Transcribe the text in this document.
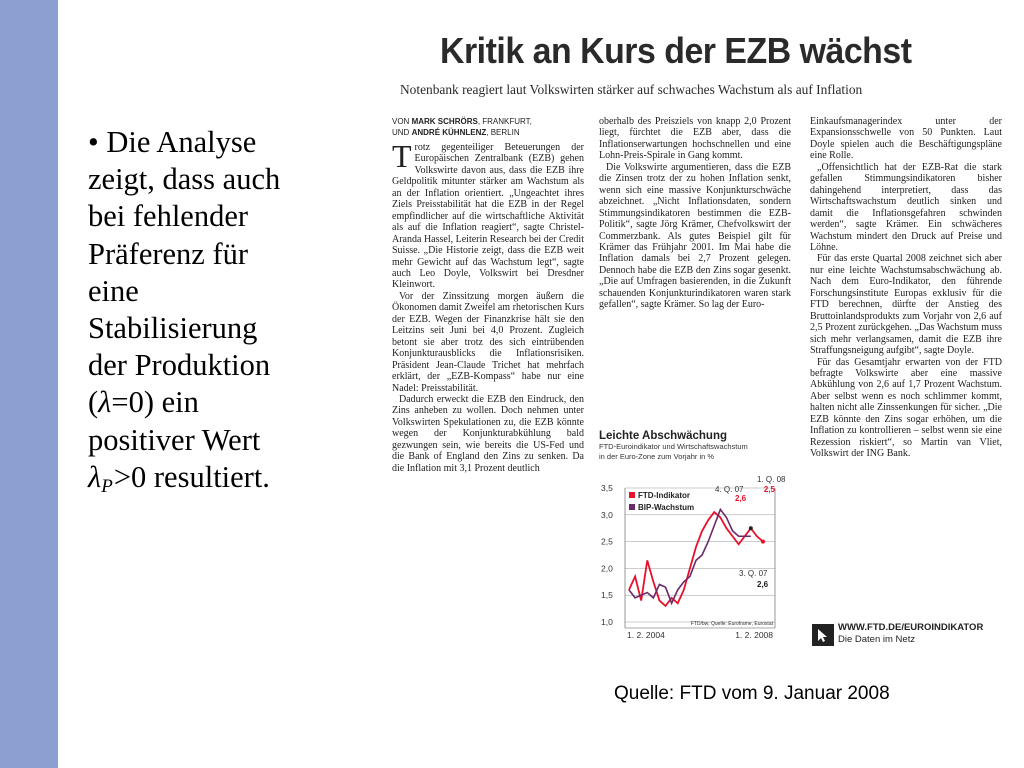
• Die Analyse
zeigt, dass auch
bei fehlender
Präferenz für
eine
Stabilisierung
der Produktion
(λ=0) ein
positiver Wert
$\lambda_P>0$ resultiert.
Kritik an Kurs der EZB wächst
Notenbank reagiert laut Volkswirten stärker auf schwaches Wachstum als auf Inflation
VON MARK SCHRÖRS, FRANKFURT,
UND ANDRÉ KÜHNLENZ, BERLIN

Trotz gegenteiliger Beteuerungen der Europäischen Zentralbank (EZB) gehen Volkswirte davon aus, dass die EZB ihre Geldpolitik mitunter stärker am Wachstum als an der Inflation orientiert. „Ungeachtet ihres Ziels Preisstabilität hat die EZB in der Regel empfindlicher auf die wirtschaftliche Aktivität als auf die Inflation reagiert“, sagte Christel-Aranda Hassel, Leiterin Research bei der Credit Suisse. „Die Historie zeigt, dass die EZB weit mehr Gewicht auf das Wachstum legt“, sagte auch Leo Doyle, Volkswirt bei Dresdner Kleinwort.

Vor der Zinssitzung morgen äußern die Ökonomen damit Zweifel am rhetorischen Kurs der EZB. Wegen der Finanzkrise hält sie den Leitzins seit Juni bei 4,0 Prozent. Zugleich betont sie aber trotz des sich eintrübenden Konjunkturausblicks die Inflationsrisiken. Präsident Jean-Claude Trichet hat mehrfach erklärt, der „EZB-Kompass“ habe nur eine Nadel: Preisstabilität.

Dadurch erweckt die EZB den Eindruck, den Zins anheben zu wollen. Doch nehmen unter Volkswirten Spekulationen zu, die EZB könnte wegen der Konjunkturabkühlung bald gezwungen sein, wie bereits die US-Fed und die Bank of England den Zins zu senken. Da die Inflation mit 3,1 Prozent deutlich

oberhalb des Preisziels von knapp 2,0 Prozent liegt, fürchtet die EZB aber, dass die Inflationserwartungen hochschnellen und eine Lohn-Preis-Spirale in Gang kommt.

Die Volkswirte argumentieren, dass die EZB die Zinsen trotz der zu hohen Inflation senkt, wenn sich eine massive Konjunkturschwäche abzeichnet. „Nicht Inflationsdaten, sondern Stimmungsindikatoren bestimmen die EZB-Politik“, sagte Jörg Krämer, Chefvolkswirt der Commerzbank. Als gutes Beispiel gilt für Krämer das Frühjahr 2001. Im Mai habe die Inflation damals bei 2,7 Prozent gelegen. Dennoch habe die EZB den Zins sogar gesenkt. „Die auf Umfragen basierenden, in die Zukunft schauenden Konjunkturindikatoren waren stark gefallen“, sagte Krämer. So lag der Euro-

Leichte Abschwächung
FTD-Euroindikator und Wirtschaftswachstum
in der Euro-Zone zum Vorjahr in %
3,5
3,0
2,5
2,0
1,5
1,0
1. 2. 2004	1. 2. 2008
FTD/bw; Quelle: Euroframe, Eurostat
FTD-Indikator
BIP-Wachstum
4. Q. 07
2,6
1. Q. 08
2,5
3. Q. 07
2,6

Einkaufsmanagerindex unter der Expansionsschwelle von 50 Punkten. Laut Doyle spielen auch die Beschäftigungspläne eine Rolle.

„Offensichtlich hat der EZB-Rat die stark gefallen Stimmungsindikatoren bisher dahingehend interpretiert, dass das Wirtschaftswachstum deutlich sinken und damit die Inflationsgefahren schwinden werden“, sagte Krämer. Ein schwächeres Wachstum mindert den Druck auf Preise und Löhne.

Für das erste Quartal 2008 zeichnet sich aber nur eine leichte Wachstumsabschwächung ab. Nach dem Euro-Indikator, den führende Forschungsinstitute Europas exklusiv für die FTD berechnen, dürfte der Anstieg des Bruttoinlandsprodukts zum Vorjahr von 2,6 auf 2,5 Prozent zurückgehen. „Das Wachstum muss sich mehr verlangsamen, damit die EZB ihre Straffungsneigung aufgibt“, sagte Doyle.

Für das Gesamtjahr erwarten von der FTD befragte Volkswirte aber eine massive Abkühlung von 2,6 auf 1,7 Prozent Wachstum. Aber selbst wenn es noch schlimmer kommt, halten nicht alle Zinssenkungen für sicher. „Die EZB könnte den Zins sogar erhöhen, um die Inflation zu kontrollieren – selbst wenn sie eine Rezession riskiert“, so Martin van Vliet, Volkswirt der ING Bank.

WWW.FTD.DE/EUROINDIKATOR
Die Daten im Netz
Quelle: FTD vom 9. Januar 2008
